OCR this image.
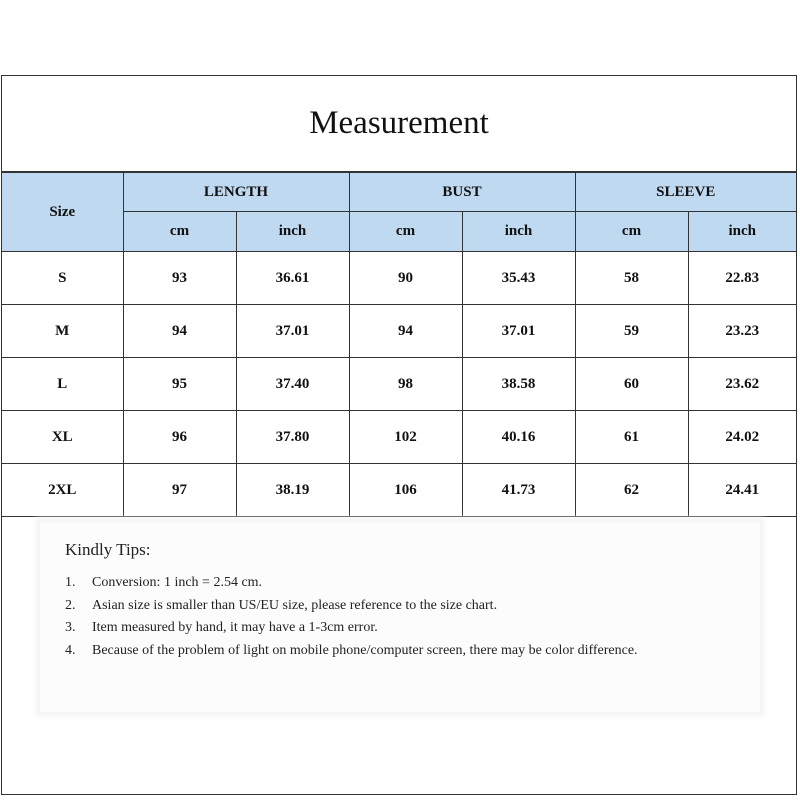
Measurement
Size	LENGTH		BUST		SLEEVE	
	cm	inch	cm	inch	cm	inch
S	93	36.61	90	35.43	58	22.83
M	94	37.01	94	37.01	59	23.23
L	95	37.40	98	38.58	60	23.62
XL	96	37.80	102	40.16	61	24.02
2XL	97	38.19	106	41.73	62	24.41
Kindly Tips:
1.	Conversion: 1 inch = 2.54 cm.
2.	Asian size is smaller than US/EU size, please reference to the size chart.
3.	Item measured by hand, it may have a 1-3cm error.
4.	Because of the problem of light on mobile phone/computer screen, there may be color difference.
